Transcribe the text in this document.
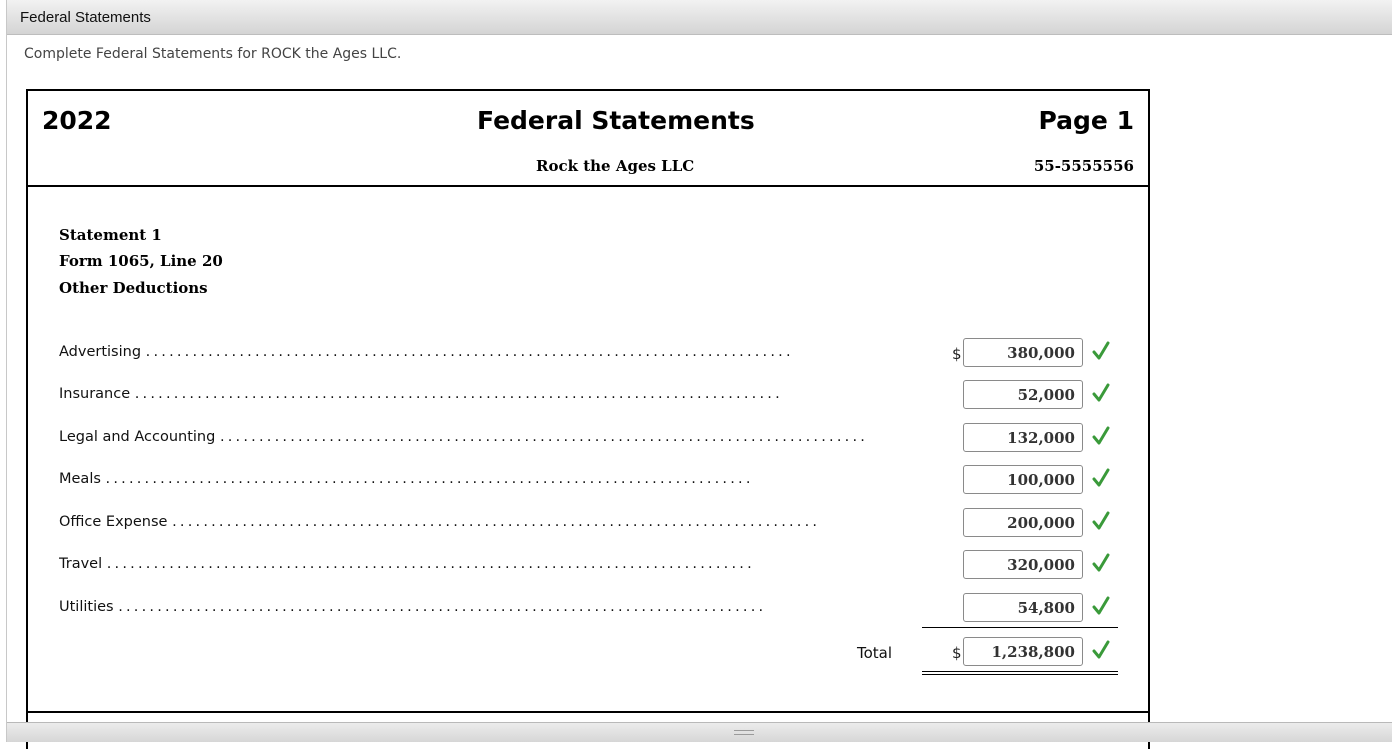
Federal Statements
Complete Federal Statements for ROCK the Ages LLC.
2022	Federal Statements	Page 1
Rock the Ages LLC	55-5555556
Statement 1
Form 1065, Line 20
Other Deductions
Advertising ...................................................................................	$	380,000
Insurance ...................................................................................	52,000
Legal and Accounting ...................................................................................	132,000
Meals ...................................................................................	100,000
Office Expense ...................................................................................	200,000
Travel ...................................................................................	320,000
Utilities ...................................................................................	54,800
Total	$	1,238,800
